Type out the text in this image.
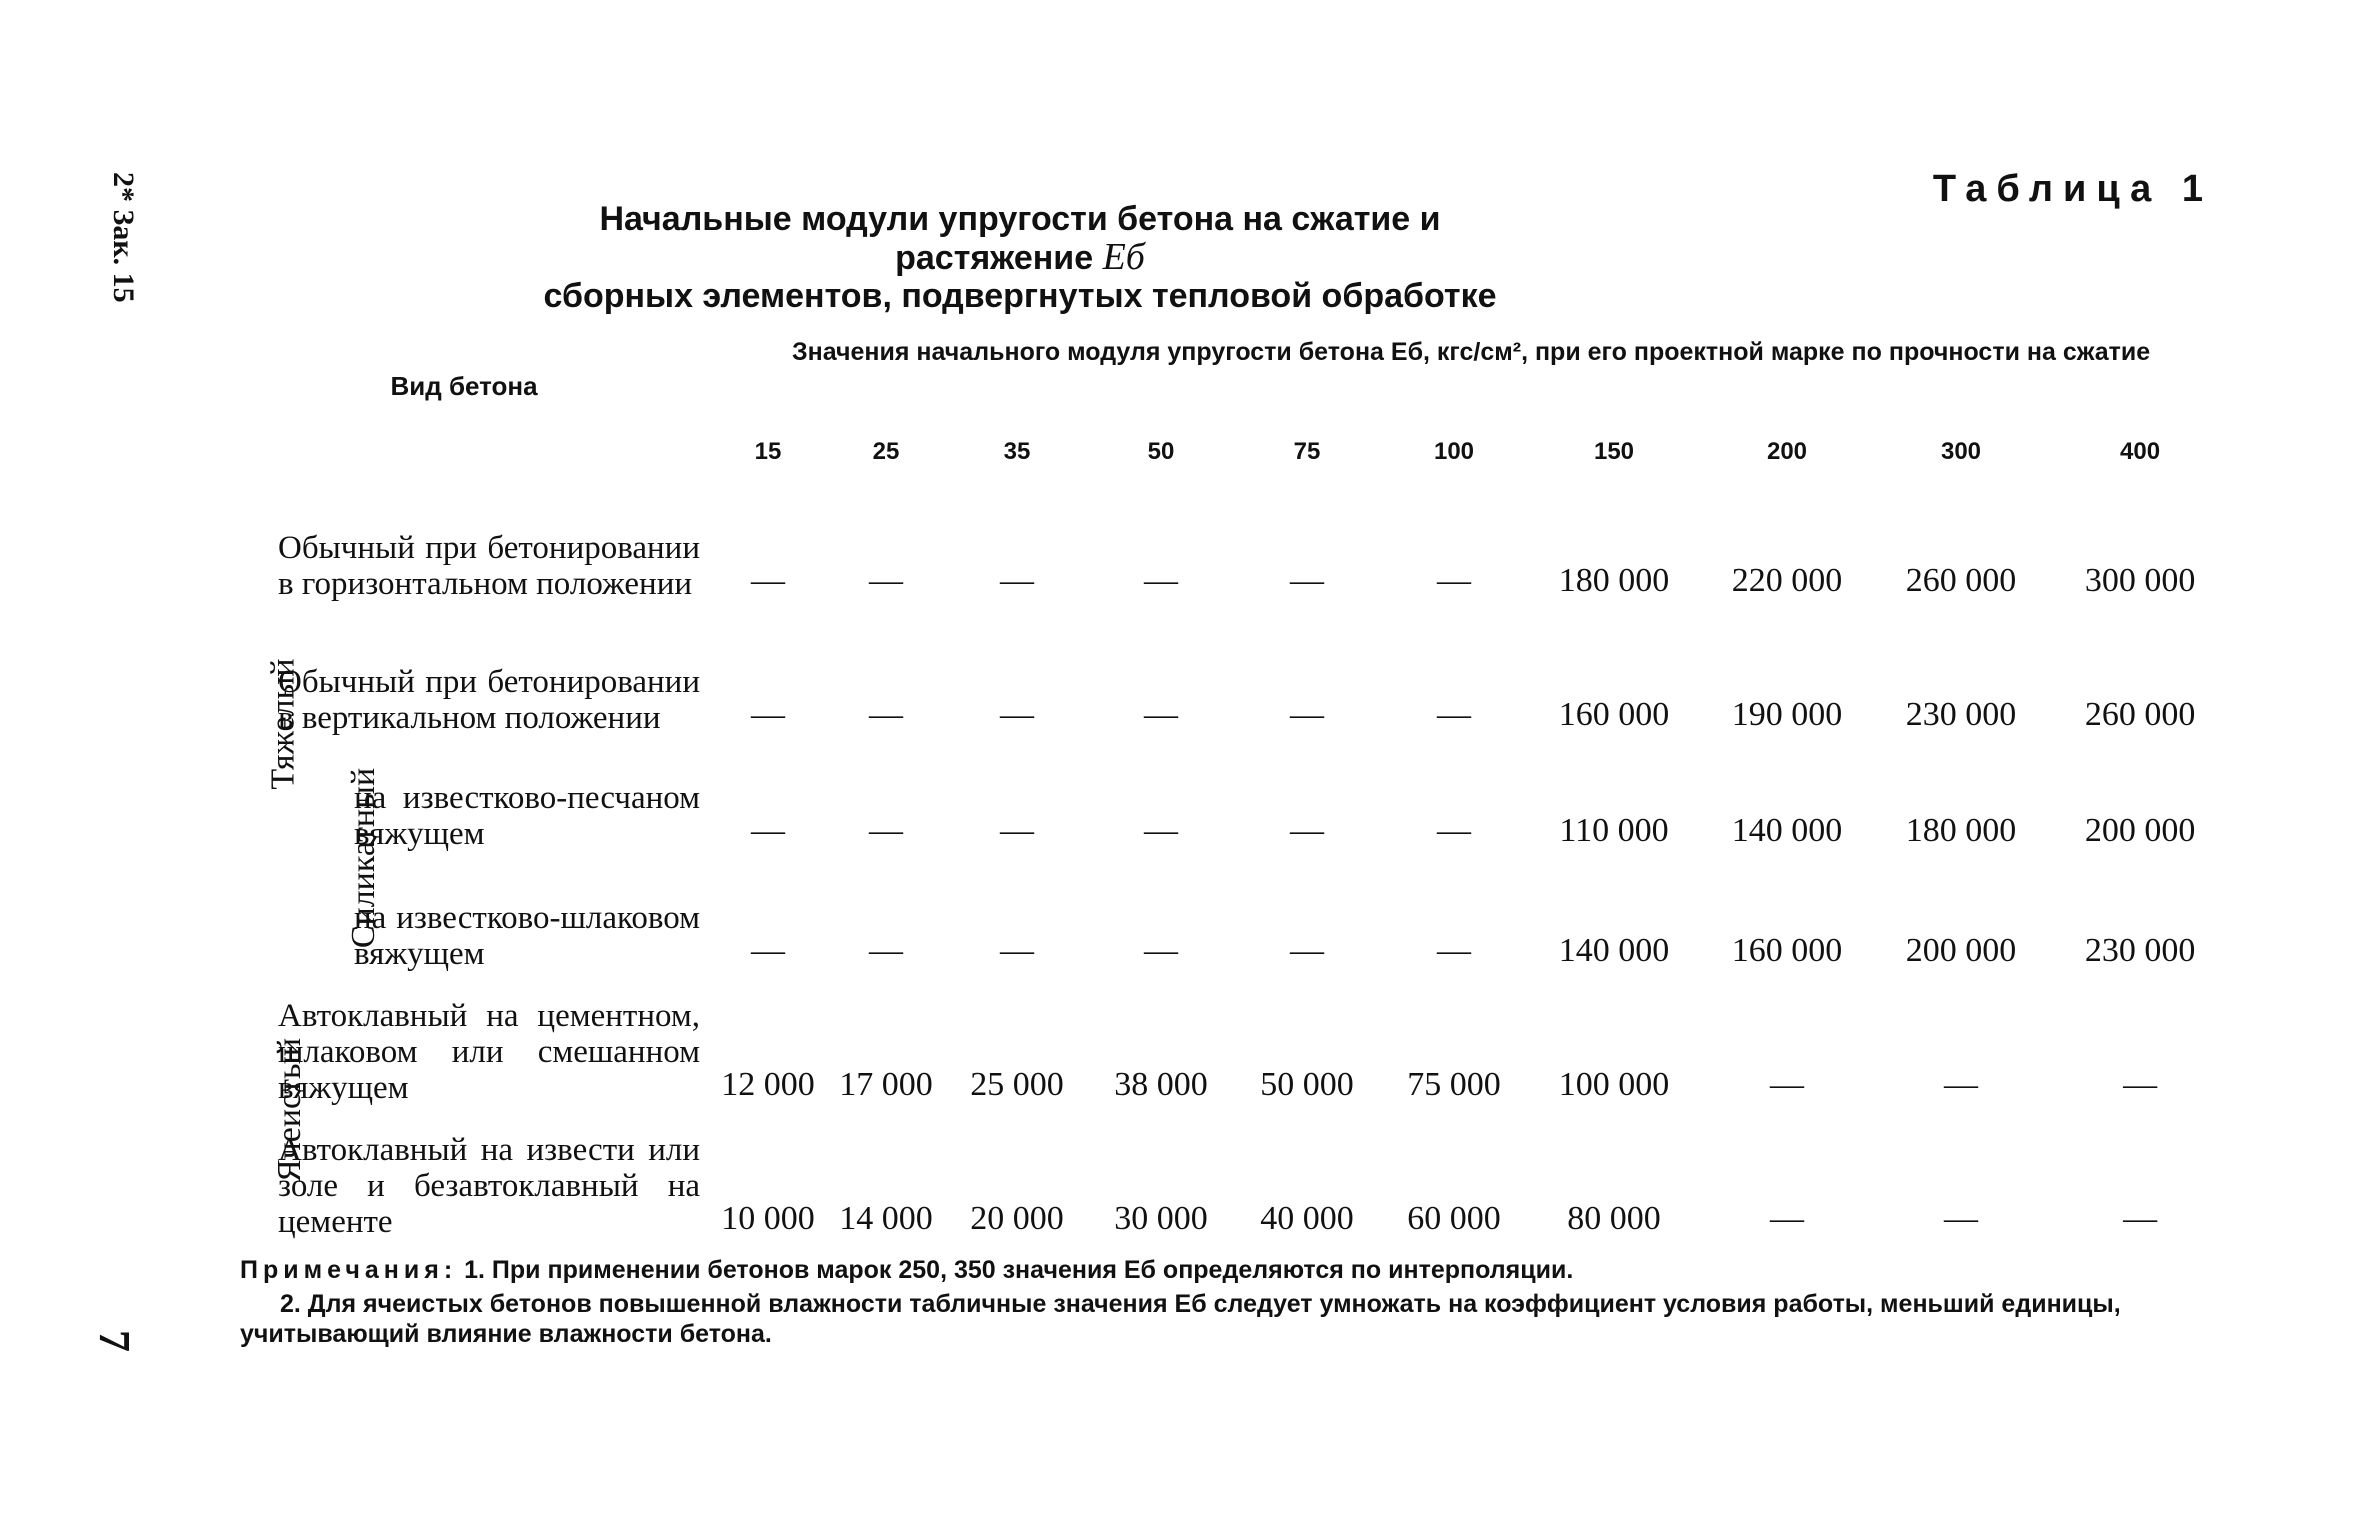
2* Зак. 15
7
Таблица 1
Начальные модули упругости бетона на сжатие и растяжение Eб
сборных элементов, подвергнутых тепловой обработке
Вид бетона			Значения начального модуля упругости бетона Eб, кгс/см², при его проектной марке по прочности на сжатие									
			15	25	35	50	75	100	150	200	300	400
Тяжелый	Обычный при бетонировании в горизонтальном положении		—	—	—	—	—	—	180 000	220 000	260 000	300 000
	Обычный при бетонировании в вертикальном положении		—	—	—	—	—	—	160 000	190 000	230 000	260 000
	Силикатный	на известково-песчаном вяжущем	—	—	—	—	—	—	110 000	140 000	180 000	200 000
		на известково-шлаковом вяжущем	—	—	—	—	—	—	140 000	160 000	200 000	230 000
Ячеистый	Автоклавный на цементном, шлаковом или смешанном вяжущем		12 000	17 000	25 000	38 000	50 000	75 000	100 000	—	—	—
	Автоклавный на извести или золе и безавтоклавный на цементе		10 000	14 000	20 000	30 000	40 000	60 000	80 000	—	—	—

Примечания: 1. При применении бетонов марок 250, 350 значения Eб определяются по интерполяции.

2. Для ячеистых бетонов повышенной влажности табличные значения Eб следует умножать на коэффициент условия работы, меньший единицы, учитывающий влияние влажности бетона.
